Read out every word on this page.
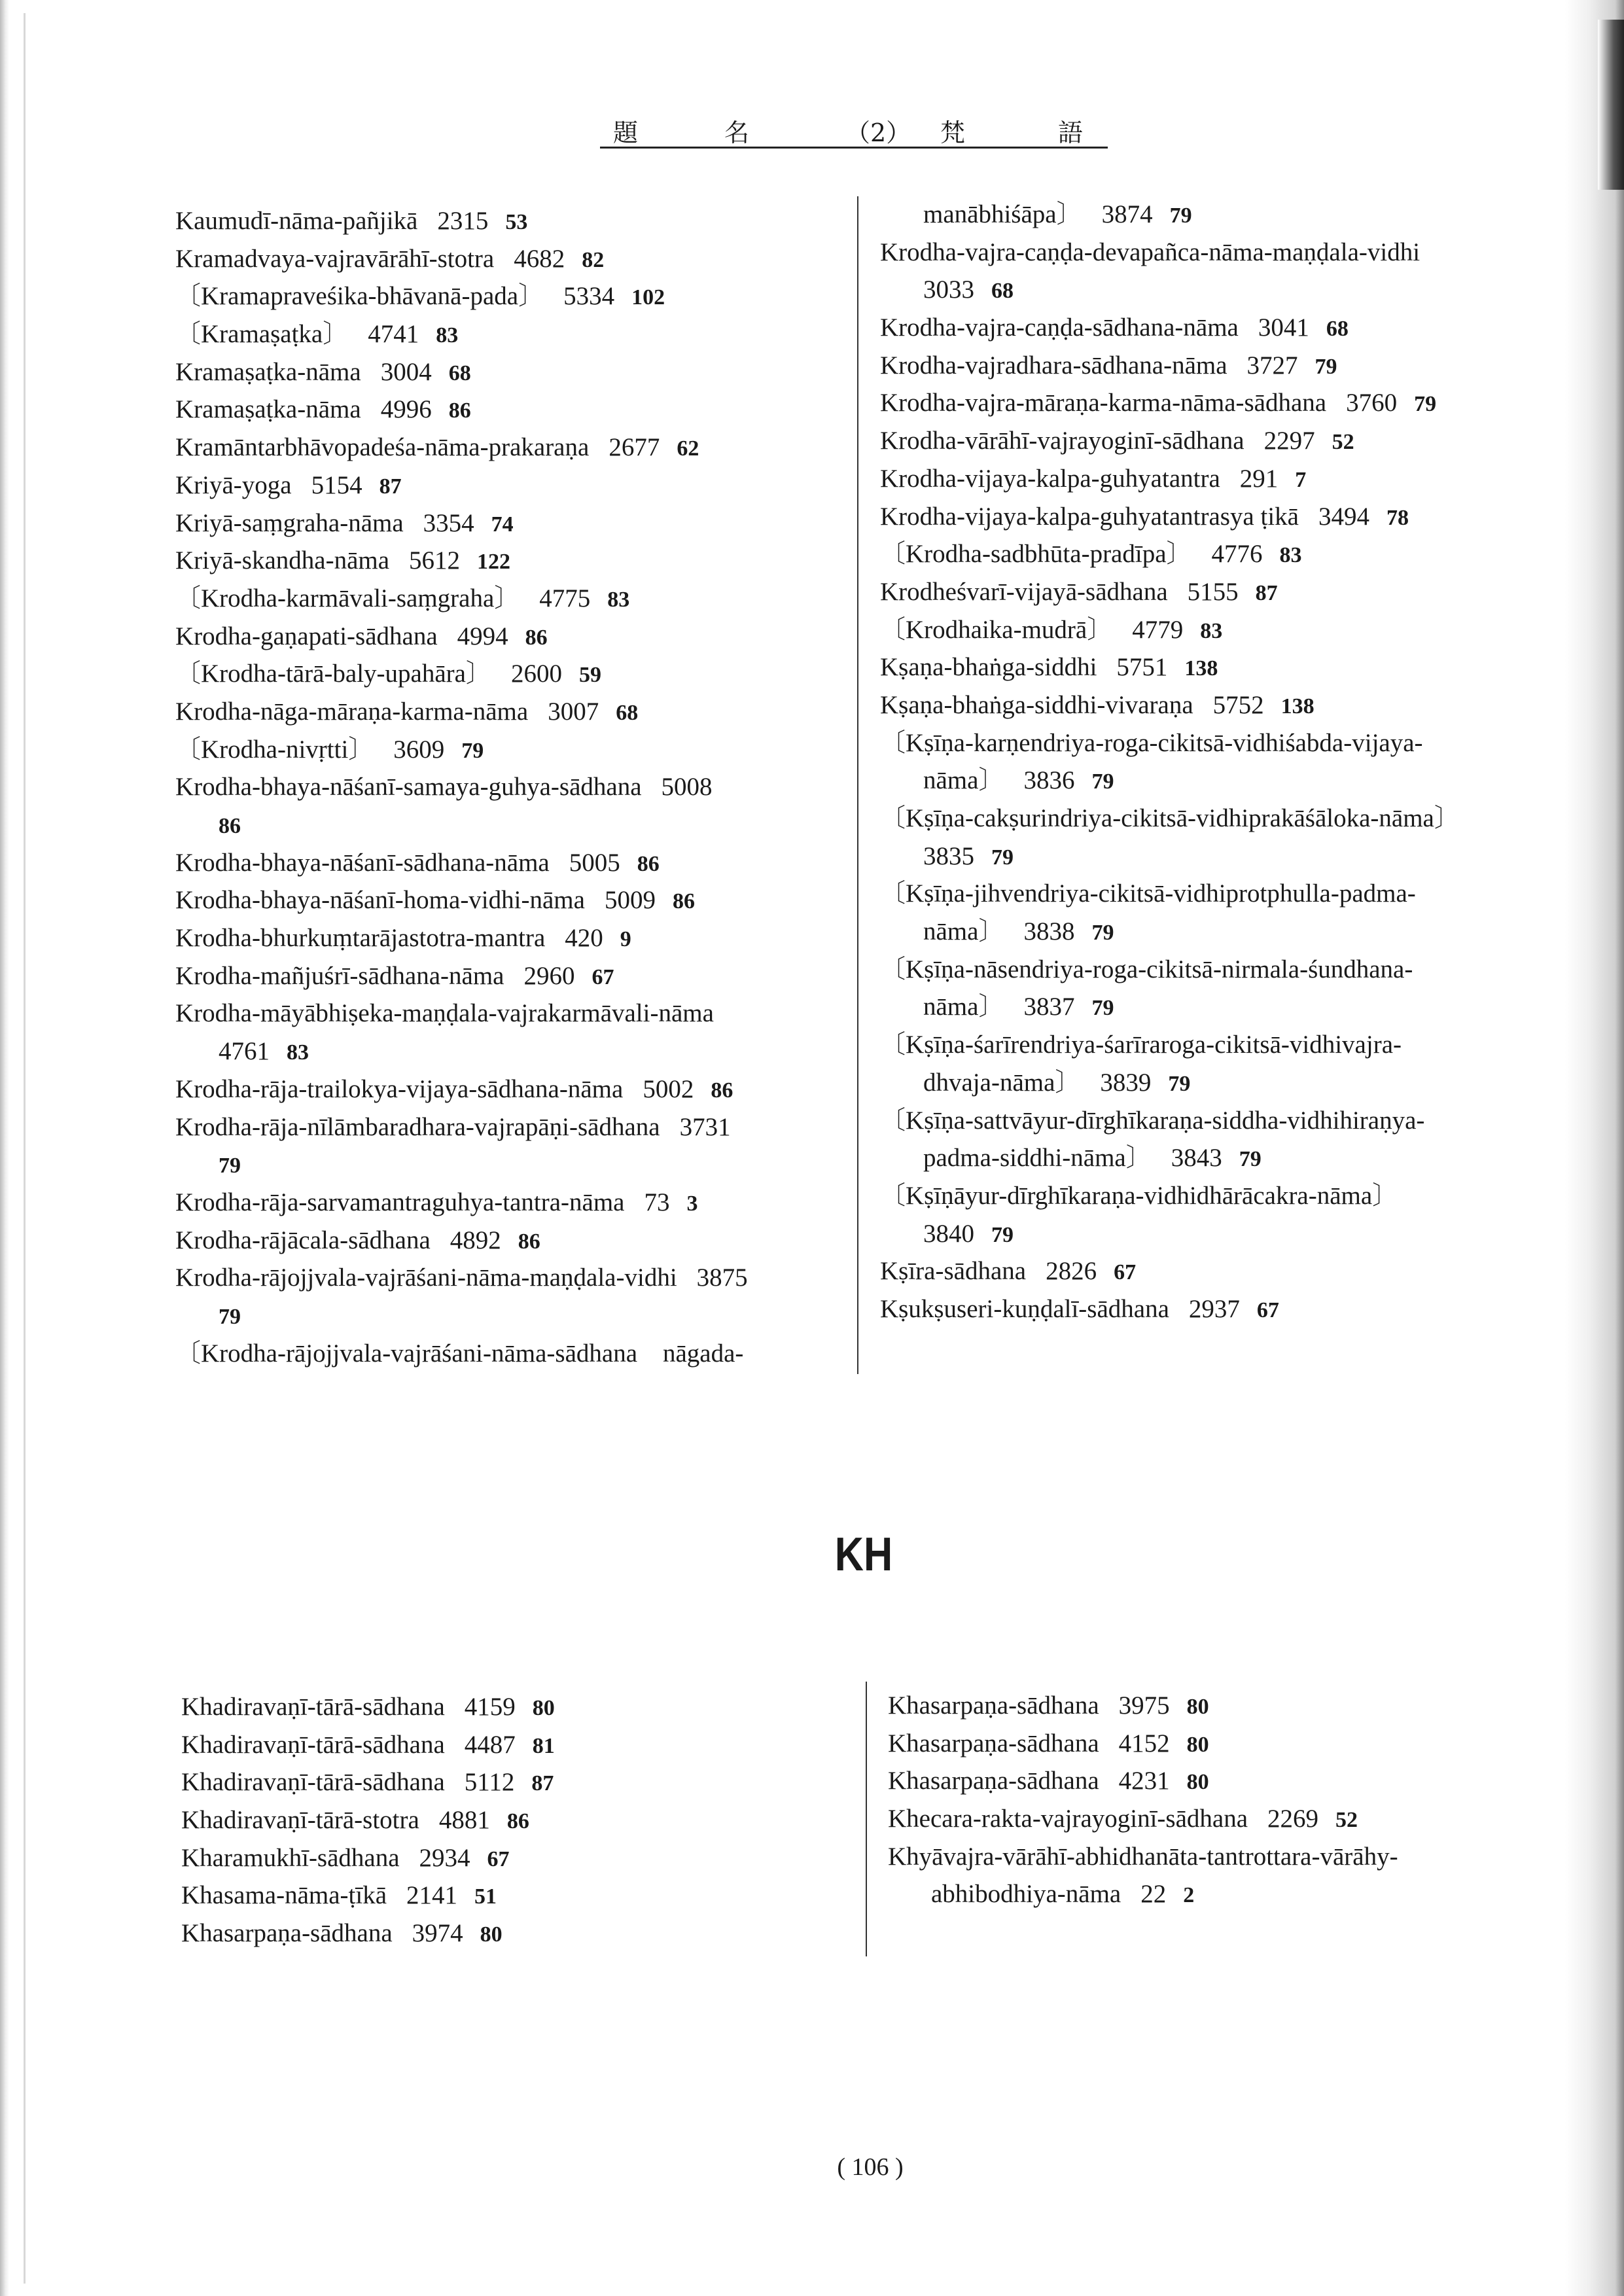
題	名	（2） 梵	語
Kaumudī-nāma-pañjikā 2315 53
Kramadvaya-vajravārāhī-stotra 4682 82
〔Kramapraveśika-bhāvanā-pada〕 5334 102
〔Kramaṣaṭka〕 4741 83
Kramaṣaṭka-nāma 3004 68
Kramaṣaṭka-nāma 4996 86
Kramāntarbhāvopadeśa-nāma-prakaraṇa 2677 62
Kriyā-yoga 5154 87
Kriyā-saṃgraha-nāma 3354 74
Kriyā-skandha-nāma 5612 122
〔Krodha-karmāvali-saṃgraha〕 4775 83
Krodha-gaṇapati-sādhana 4994 86
〔Krodha-tārā-baly-upahāra〕 2600 59
Krodha-nāga-māraṇa-karma-nāma 3007 68
〔Krodha-nivṛtti〕 3609 79
Krodha-bhaya-nāśanī-samaya-guhya-sādhana 5008
86
Krodha-bhaya-nāśanī-sādhana-nāma 5005 86
Krodha-bhaya-nāśanī-homa-vidhi-nāma 5009 86
Krodha-bhurkuṃtarājastotra-mantra 420 9
Krodha-mañjuśrī-sādhana-nāma 2960 67
Krodha-māyābhiṣeka-maṇḍala-vajrakarmāvali-nāma
4761 83
Krodha-rāja-trailokya-vijaya-sādhana-nāma 5002 86
Krodha-rāja-nīlāmbaradhara-vajrapāṇi-sādhana 3731
79
Krodha-rāja-sarvamantraguhya-tantra-nāma 73 3
Krodha-rājācala-sādhana 4892 86
Krodha-rājojjvala-vajrāśani-nāma-maṇḍala-vidhi 3875
79
〔Krodha-rājojjvala-vajrāśani-nāma-sādhana　nāgada-
manābhiśāpa〕 3874 79
Krodha-vajra-caṇḍa-devapañca-nāma-maṇḍala-vidhi
3033 68
Krodha-vajra-caṇḍa-sādhana-nāma 3041 68
Krodha-vajradhara-sādhana-nāma 3727 79
Krodha-vajra-māraṇa-karma-nāma-sādhana 3760 79
Krodha-vārāhī-vajrayoginī-sādhana 2297 52
Krodha-vijaya-kalpa-guhyatantra 291 7
Krodha-vijaya-kalpa-guhyatantrasya ṭikā 3494 78
〔Krodha-sadbhūta-pradīpa〕 4776 83
Krodheśvarī-vijayā-sādhana 5155 87
〔Krodhaika-mudrā〕 4779 83
Kṣaṇa-bhaṅga-siddhi 5751 138
Kṣaṇa-bhaṅga-siddhi-vivaraṇa 5752 138
〔Kṣīṇa-karṇendriya-roga-cikitsā-vidhiśabda-vijaya-
nāma〕 3836 79
〔Kṣīṇa-cakṣurindriya-cikitsā-vidhiprakāśāloka-nāma〕
3835 79
〔Kṣīṇa-jihvendriya-cikitsā-vidhiprotphulla-padma-
nāma〕 3838 79
〔Kṣīṇa-nāsendriya-roga-cikitsā-nirmala-śundhana-
nāma〕 3837 79
〔Kṣīṇa-śarīrendriya-śarīraroga-cikitsā-vidhivajra-
dhvaja-nāma〕 3839 79
〔Kṣīṇa-sattvāyur-dīrghīkaraṇa-siddha-vidhihiraṇya-
padma-siddhi-nāma〕 3843 79
〔Kṣīṇāyur-dīrghīkaraṇa-vidhidhārācakra-nāma〕
3840 79
Kṣīra-sādhana 2826 67
Kṣukṣuseri-kuṇḍalī-sādhana 2937 67
KH
Khadiravaṇī-tārā-sādhana 4159 80
Khadiravaṇī-tārā-sādhana 4487 81
Khadiravaṇī-tārā-sādhana 5112 87
Khadiravaṇī-tārā-stotra 4881 86
Kharamukhī-sādhana 2934 67
Khasama-nāma-ṭīkā 2141 51
Khasarpaṇa-sādhana 3974 80
Khasarpaṇa-sādhana 3975 80
Khasarpaṇa-sādhana 4152 80
Khasarpaṇa-sādhana 4231 80
Khecara-rakta-vajrayoginī-sādhana 2269 52
Khyāvajra-vārāhī-abhidhanāta-tantrottara-vārāhy-
abhibodhiya-nāma 22 2
( 106 )
